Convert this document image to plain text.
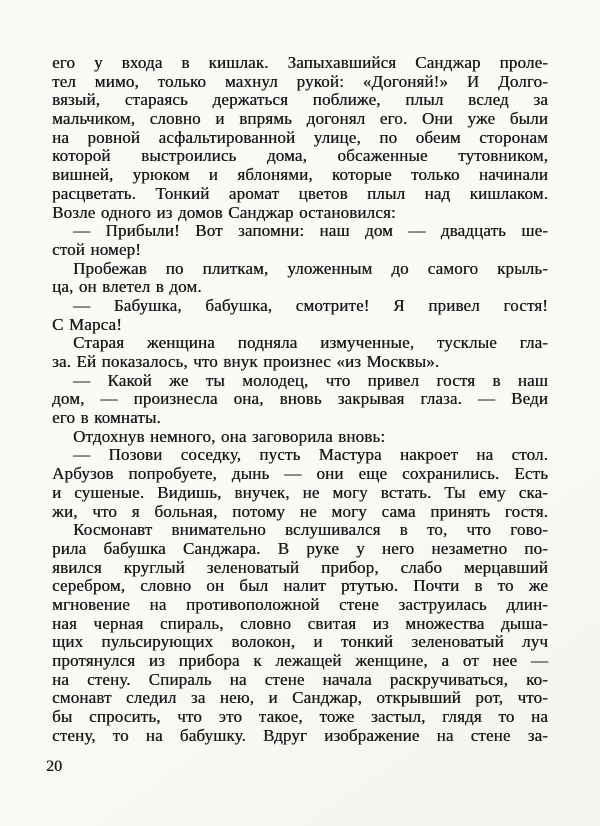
его у входа в кишлак. Запыхавшийся Санджар проле-
тел мимо, только махнул рукой: «Догоняй!» И Долго-
вязый, стараясь держаться поближе, плыл вслед за
мальчиком, словно и впрямь догонял его. Они уже были
на ровной асфальтированной улице, по обеим сторонам
которой выстроились дома, обсаженные тутовником,
вишней, урюком и яблонями, которые только начинали
расцветать. Тонкий аромат цветов плыл над кишлаком.
Возле одного из домов Санджар остановился:
— Прибыли! Вот запомни: наш дом — двадцать ше-
стой номер!
Пробежав по плиткам, уложенным до самого крыль-
ца, он влетел в дом.
— Бабушка, бабушка, смотрите! Я привел гостя!
С Марса!
Старая женщина подняла измученные, тусклые гла-
за. Ей показалось, что внук произнес «из Москвы».
— Какой же ты молодец, что привел гостя в наш
дом, — произнесла она, вновь закрывая глаза. — Веди
его в комнаты.
Отдохнув немного, она заговорила вновь:
— Позови соседку, пусть Мастура накроет на стол.
Арбузов попробуете, дынь — они еще сохранились. Есть
и сушеные. Видишь, внучек, не могу встать. Ты ему ска-
жи, что я больная, потому не могу сама принять гостя.
Космонавт внимательно вслушивался в то, что гово-
рила бабушка Санджара. В руке у него незаметно по-
явился круглый зеленоватый прибор, слабо мерцавший
серебром, словно он был налит ртутью. Почти в то же
мгновение на противоположной стене заструилась длин-
ная черная спираль, словно свитая из множества дыша-
щих пульсирующих волокон, и тонкий зеленоватый луч
протянулся из прибора к лежащей женщине, а от нее —
на стену. Спираль на стене начала раскручиваться, ко-
смонавт следил за нею, и Санджар, открывший рот, что-
бы спросить, что это такое, тоже застыл, глядя то на
стену, то на бабушку. Вдруг изображение на стене за-
20
